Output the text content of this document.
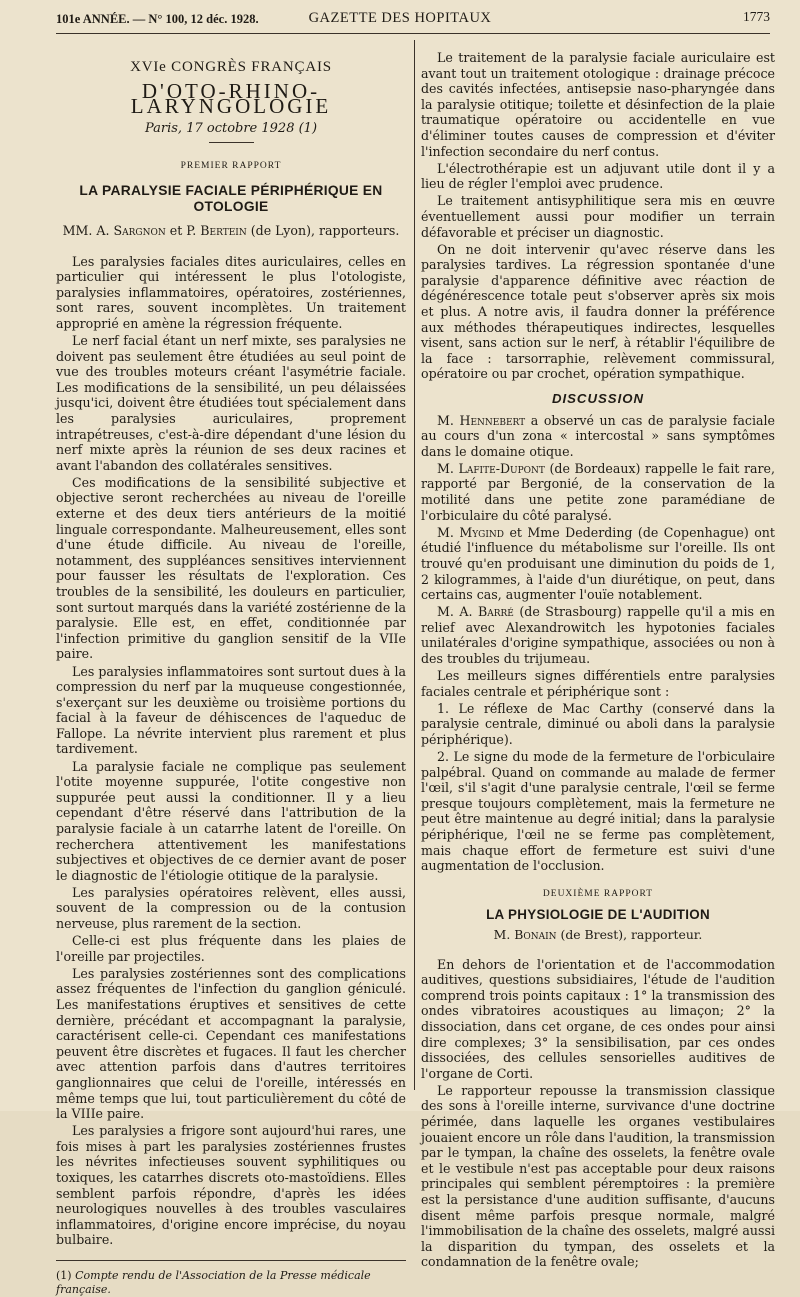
101e ANNÉE. — N° 100, 12 déc. 1928.	GAZETTE DES HOPITAUX	1773
XVIe CONGRÈS FRANÇAIS
D'OTO-RHINO-LARYNGOLOGIE
Paris, 17 octobre 1928 (1)
PREMIER RAPPORT
LA PARALYSIE FACIALE PÉRIPHÉRIQUE EN OTOLOGIE
MM. A. Sargnon et P. Bertein (de Lyon), rapporteurs.

Les paralysies faciales dites auriculaires, celles en particulier qui intéressent le plus l'otologiste, paralysies inflammatoires, opératoires, zostériennes, sont rares, souvent incomplètes. Un traitement approprié en amène la régression fréquente.

Le nerf facial étant un nerf mixte, ses paralysies ne doivent pas seulement être étudiées au seul point de vue des troubles moteurs créant l'asymétrie faciale. Les modifications de la sensibilité, un peu délaissées jusqu'ici, doivent être étudiées tout spécialement dans les paralysies auriculaires, proprement intrapétreuses, c'est-à-dire dépendant d'une lésion du nerf mixte après la réunion de ses deux racines et avant l'abandon des collatérales sensitives.

Ces modifications de la sensibilité subjective et objective seront recherchées au niveau de l'oreille externe et des deux tiers antérieurs de la moitié linguale correspondante. Malheureusement, elles sont d'une étude difficile. Au niveau de l'oreille, notamment, des suppléances sensitives interviennent pour fausser les résultats de l'exploration. Ces troubles de la sensibilité, les douleurs en particulier, sont surtout marqués dans la variété zostérienne de la paralysie. Elle est, en effet, conditionnée par l'infection primitive du ganglion sensitif de la VIIe paire.

Les paralysies inflammatoires sont surtout dues à la compression du nerf par la muqueuse congestionnée, s'exerçant sur les deuxième ou troisième portions du facial à la faveur de déhiscences de l'aqueduc de Fallope. La névrite intervient plus rarement et plus tardivement.

La paralysie faciale ne complique pas seulement l'otite moyenne suppurée, l'otite congestive non suppurée peut aussi la conditionner. Il y a lieu cependant d'être réservé dans l'attribution de la paralysie faciale à un catarrhe latent de l'oreille. On recherchera attentivement les manifestations subjectives et objectives de ce dernier avant de poser le diagnostic de l'étiologie otitique de la paralysie.

Les paralysies opératoires relèvent, elles aussi, souvent de la compression ou de la contusion nerveuse, plus rarement de la section.

Celle-ci est plus fréquente dans les plaies de l'oreille par projectiles.

Les paralysies zostériennes sont des complications assez fréquentes de l'infection du ganglion géniculé. Les manifestations éruptives et sensitives de cette dernière, précédant et accompagnant la paralysie, caractérisent celle-ci. Cependant ces manifestations peuvent être discrètes et fugaces. Il faut les chercher avec attention parfois dans d'autres territoires ganglionnaires que celui de l'oreille, intéressés en même temps que lui, tout particulièrement du côté de la VIIIe paire.

Les paralysies a frigore sont aujourd'hui rares, une fois mises à part les paralysies zostériennes frustes les névrites infectieuses souvent syphilitiques ou toxiques, les catarrhes discrets oto-mastoïdiens. Elles semblent parfois répondre, d'après les idées neurologiques nouvelles à des troubles vasculaires inflammatoires, d'origine encore imprécise, du noyau bulbaire.

(1) Compte rendu de l'Association de la Presse médicale française.

Le traitement de la paralysie faciale auriculaire est avant tout un traitement otologique : drainage précoce des cavités infectées, antisepsie naso-pharyngée dans la paralysie otitique; toilette et désinfection de la plaie traumatique opératoire ou accidentelle en vue d'éliminer toutes causes de compression et d'éviter l'infection secondaire du nerf contus.

L'électrothérapie est un adjuvant utile dont il y a lieu de régler l'emploi avec prudence.

Le traitement antisyphilitique sera mis en œuvre éventuellement aussi pour modifier un terrain défavorable et préciser un diagnostic.

On ne doit intervenir qu'avec réserve dans les paralysies tardives. La régression spontanée d'une paralysie d'apparence définitive avec réaction de dégénérescence totale peut s'observer après six mois et plus. A notre avis, il faudra donner la préférence aux méthodes thérapeutiques indirectes, lesquelles visent, sans action sur le nerf, à rétablir l'équilibre de la face : tarsorraphie, relèvement commissural, opératoire ou par crochet, opération sympathique.

DISCUSSION

M. Hennebert a observé un cas de paralysie faciale au cours d'un zona « intercostal » sans symptômes dans le domaine otique.

M. Lafite-Dupont (de Bordeaux) rappelle le fait rare, rapporté par Bergonié, de la conservation de la motilité dans une petite zone paramédiane de l'orbiculaire du côté paralysé.

M. Mygind et Mme Dederding (de Copenhague) ont étudié l'influence du métabolisme sur l'oreille. Ils ont trouvé qu'en produisant une diminution du poids de 1, 2 kilogrammes, à l'aide d'un diurétique, on peut, dans certains cas, augmenter l'ouïe notablement.

M. A. Barré (de Strasbourg) rappelle qu'il a mis en relief avec Alexandrowitch les hypotonies faciales unilatérales d'origine sympathique, associées ou non à des troubles du trijumeau.

Les meilleurs signes différentiels entre paralysies faciales centrale et périphérique sont :

1. Le réflexe de Mac Carthy (conservé dans la paralysie centrale, diminué ou aboli dans la paralysie périphérique).

2. Le signe du mode de la fermeture de l'orbiculaire palpébral. Quand on commande au malade de fermer l'œil, s'il s'agit d'une paralysie centrale, l'œil se ferme presque toujours complètement, mais la fermeture ne peut être maintenue au degré initial; dans la paralysie périphérique, l'œil ne se ferme pas complètement, mais chaque effort de fermeture est suivi d'une augmentation de l'occlusion.

DEUXIÈME RAPPORT
LA PHYSIOLOGIE DE L'AUDITION
M. Bonain (de Brest), rapporteur.

En dehors de l'orientation et de l'accommodation auditives, questions subsidiaires, l'étude de l'audition comprend trois points capitaux : 1° la transmission des ondes vibratoires acoustiques au limaçon; 2° la dissociation, dans cet organe, de ces ondes pour ainsi dire complexes; 3° la sensibilisation, par ces ondes dissociées, des cellules sensorielles auditives de l'organe de Corti.

Le rapporteur repousse la transmission classique des sons à l'oreille interne, survivance d'une doctrine périmée, dans laquelle les organes vestibulaires jouaient encore un rôle dans l'audition, la transmission par le tympan, la chaîne des osselets, la fenêtre ovale et le vestibule n'est pas acceptable pour deux raisons principales qui semblent péremptoires : la première est la persistance d'une audition suffisante, d'aucuns disent même parfois presque normale, malgré l'immobilisation de la chaîne des osselets, malgré aussi la disparition du tympan, des osselets et la condamnation de la fenêtre ovale;
